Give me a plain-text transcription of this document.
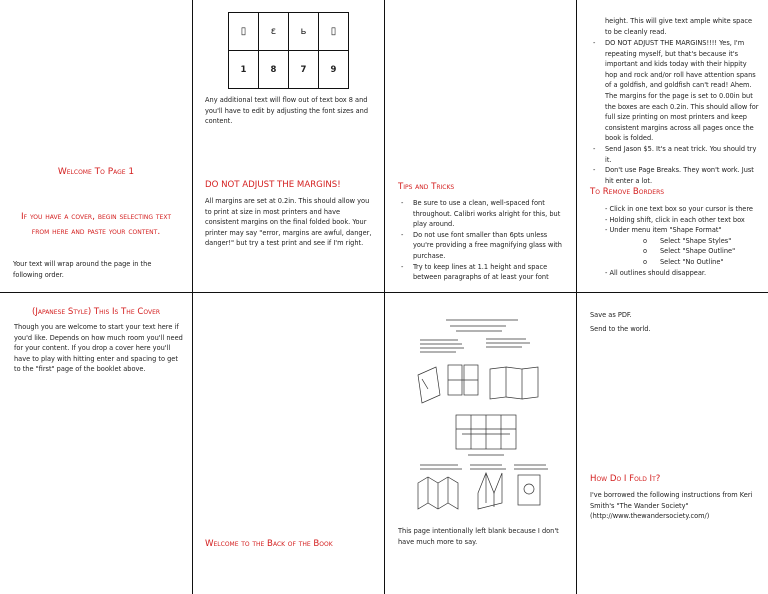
Welcome To Page 1
If you have a cover, begin selecting text from here and paste your content.
Your text will wrap around the page in the following order.
▯	ε	ь	▯
1	8	7	9
Any additional text will flow out of text box 8 and you'll have to edit by adjusting the font sizes and content.
DO NOT ADJUST THE MARGINS!
All margins are set at 0.2in. This should allow you to print at size in most printers and have consistent margins on the final folded book. Your printer may say "error, margins are awful, danger, danger!" but try a test print and see if I'm right.
Tips and Tricks
- Be sure to use a clean, well-spaced font throughout. Calibri works alright for this, but play around.
- Do not use font smaller than 6pts unless you're providing a free magnifying glass with purchase.
- Try to keep lines at 1.1 height and space between paragraphs of at least your font
height. This will give text ample white space to be cleanly read.
- DO NOT ADJUST THE MARGINS!!!! Yes, I'm repeating myself, but that's because it's important and kids today with their hippity hop and rock and/or roll have attention spans of a goldfish, and goldfish can't read! Ahem. The margins for the page is set to 0.00in but the boxes are each 0.2in. This should allow for full size printing on most printers and keep consistent margins across all pages once the book is folded.
- Send Jason $5. It's a neat trick. You should try it.
- Don't use Page Breaks. They won't work. Just hit enter a lot.
To Remove Borders
- Click in one text box so your cursor is there
- Holding shift, click in each other text box
- Under menu item "Shape Format"
o Select "Shape Styles"
o Select "Shape Outline"
o Select "No Outline"
- All outlines should disappear.
(Japanese Style) This Is The Cover
Though you are welcome to start your text here if you'd like. Depends on how much room you'll need for your content. If you drop a cover here you'll have to play with hitting enter and spacing to get to the "first" page of the booklet above.
Welcome to the Back of the Book
This page intentionally left blank because I don't have much more to say.
Save as PDF.
Send to the world.
How Do I Fold It?
I've borrowed the following instructions from Keri Smith's "The Wander Society" (http://www.thewandersociety.com/)
